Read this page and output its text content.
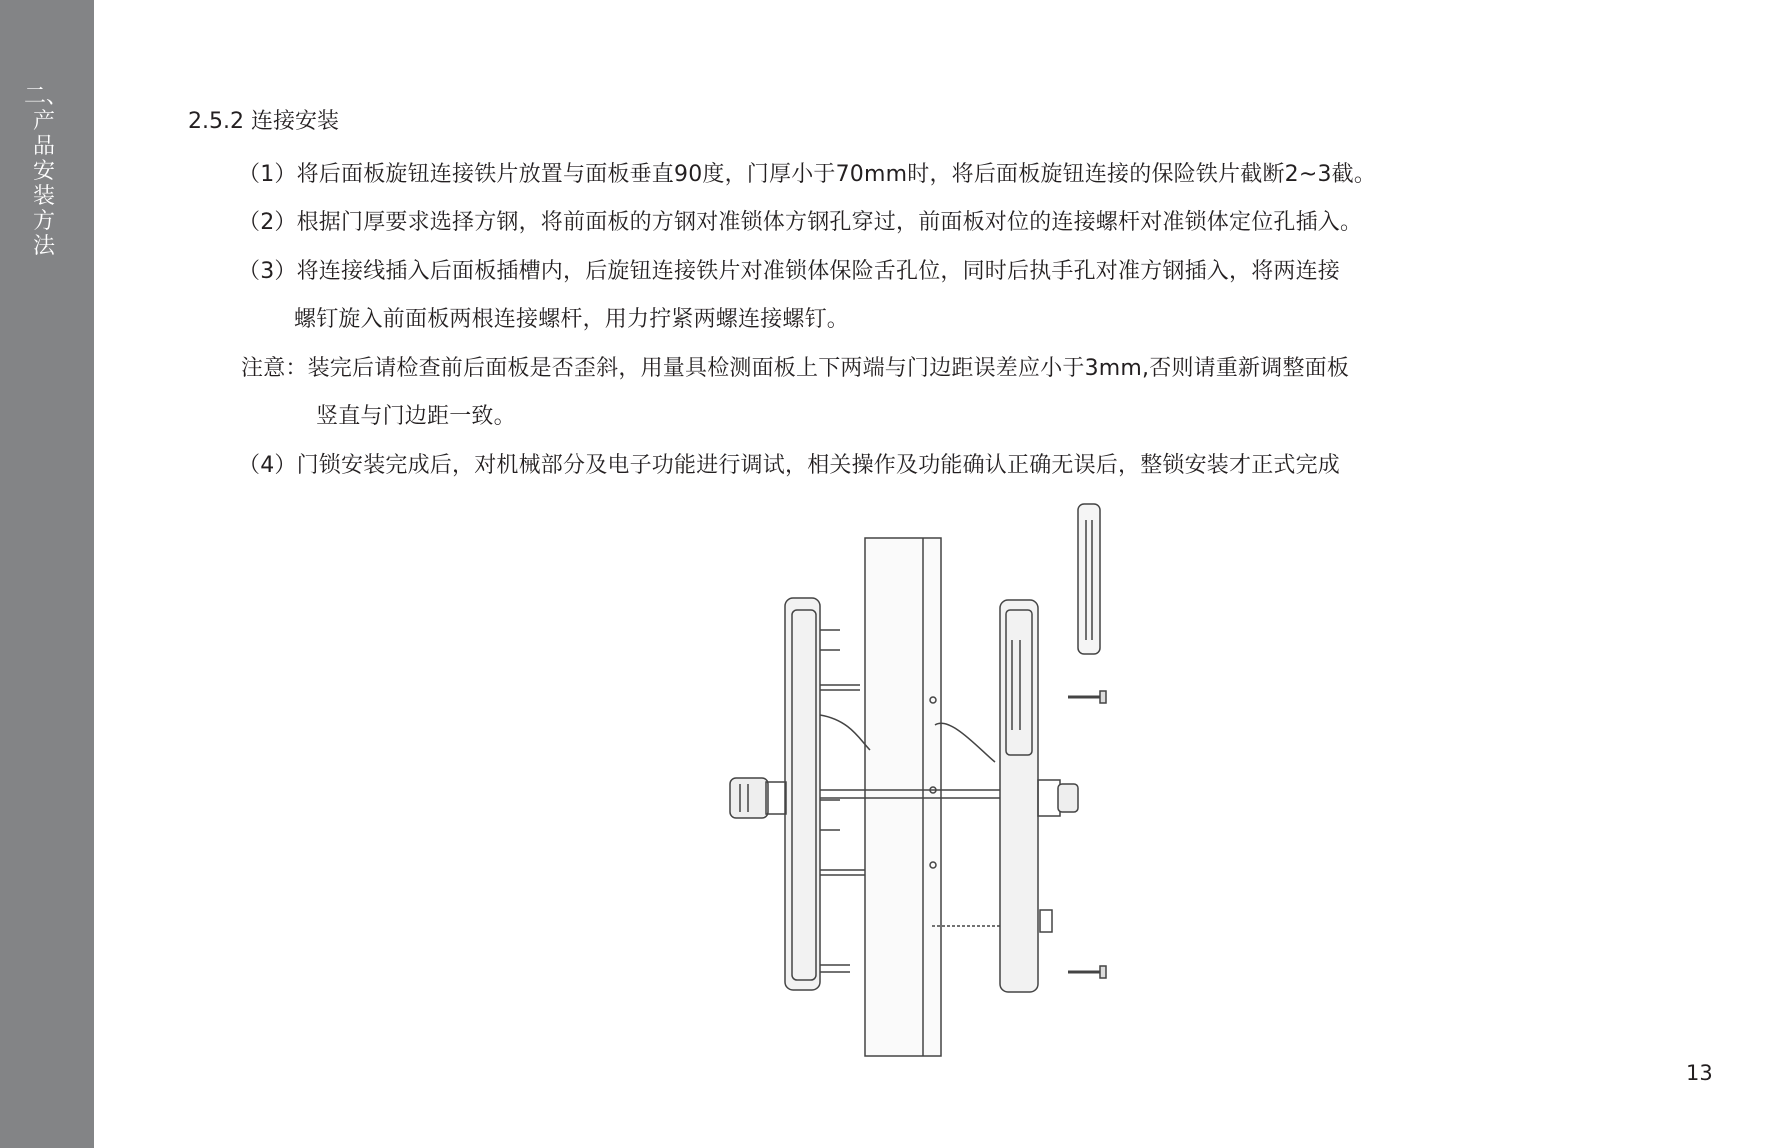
二、产品安装方法
2.5.2 连接安装
（1）将后面板旋钮连接铁片放置与面板垂直90度，门厚小于70mm时，将后面板旋钮连接的保险铁片截断2~3截。
（2）根据门厚要求选择方钢，将前面板的方钢对准锁体方钢孔穿过，前面板对位的连接螺杆对准锁体定位孔插入。
（3）将连接线插入后面板插槽内，后旋钮连接铁片对准锁体保险舌孔位，同时后执手孔对准方钢插入，将两连接
螺钉旋入前面板两根连接螺杆，用力拧紧两螺连接螺钉。
注意：装完后请检查前后面板是否歪斜，用量具检测面板上下两端与门边距误差应小于3mm,否则请重新调整面板
竖直与门边距一致。
（4）门锁安装完成后，对机械部分及电子功能进行调试，相关操作及功能确认正确无误后，整锁安装才正式完成
13
